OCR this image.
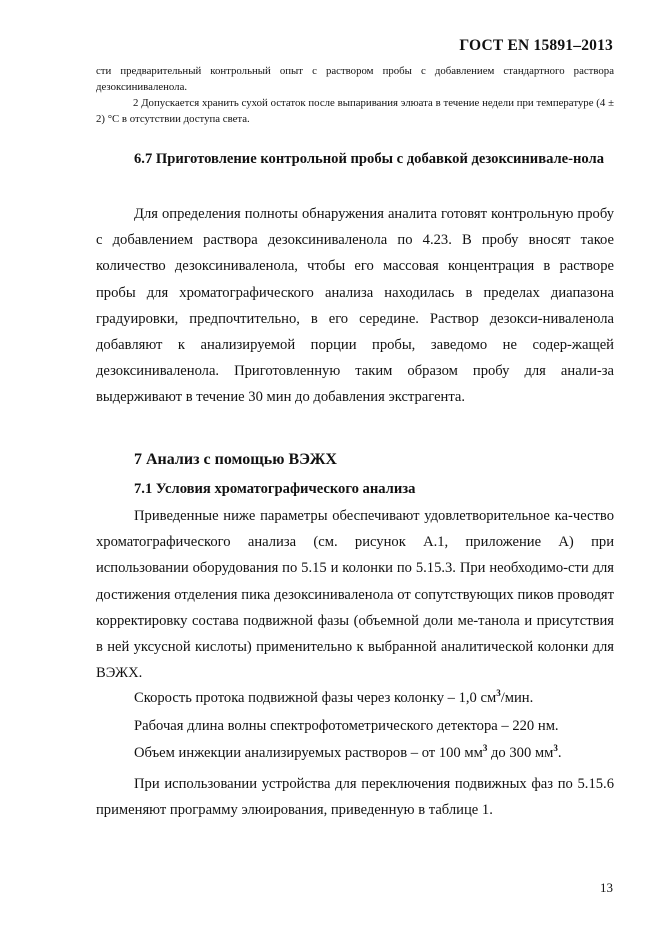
ГОСТ EN 15891–2013
сти предварительный контрольный опыт с раствором пробы с добавлением стандартного раствора дезоксиниваленола.
2 Допускается хранить сухой остаток после выпаривания элюата в течение недели при температуре (4 ± 2) °С в отсутствии доступа света.
6.7 Приготовление контрольной пробы с добавкой дезоксинивале-нола

Для определения полноты обнаружения аналита готовят контрольную пробу с добавлением раствора дезоксиниваленола по 4.23. В пробу вносят такое количество дезоксиниваленола, чтобы его массовая концентрация в растворе пробы для хроматографического анализа находилась в пределах диапазона градуировки, предпочтительно, в его середине. Раствор дезокси-ниваленола добавляют к анализируемой порции пробы, заведомо не содер-жащей дезоксиниваленола. Приготовленную таким образом пробу для анали-за выдерживают в течение 30 мин до добавления экстрагента.

7 Анализ с помощью ВЭЖХ
7.1 Условия хроматографического анализа

Приведенные ниже параметры обеспечивают удовлетворительное ка-чество хроматографического анализа (см. рисунок А.1, приложение А) при использовании оборудования по 5.15 и колонки по 5.15.3. При необходимо-сти для достижения отделения пика дезоксиниваленола от сопутствующих пиков проводят корректировку состава подвижной фазы (объемной доли ме-танола и присутствия в ней уксусной кислоты) применительно к выбранной аналитической колонки для ВЭЖХ.

Скорость протока подвижной фазы через колонку – 1,0 $см^3$/мин.
Рабочая длина волны спектрофотометрического детектора – 220 нм.
Объем инжекции анализируемых растворов – от 100 $мм^3$ до 300 $мм^3$.

При использовании устройства для переключения подвижных фаз по 5.15.6 применяют программу элюирования, приведенную в таблице 1.

13
